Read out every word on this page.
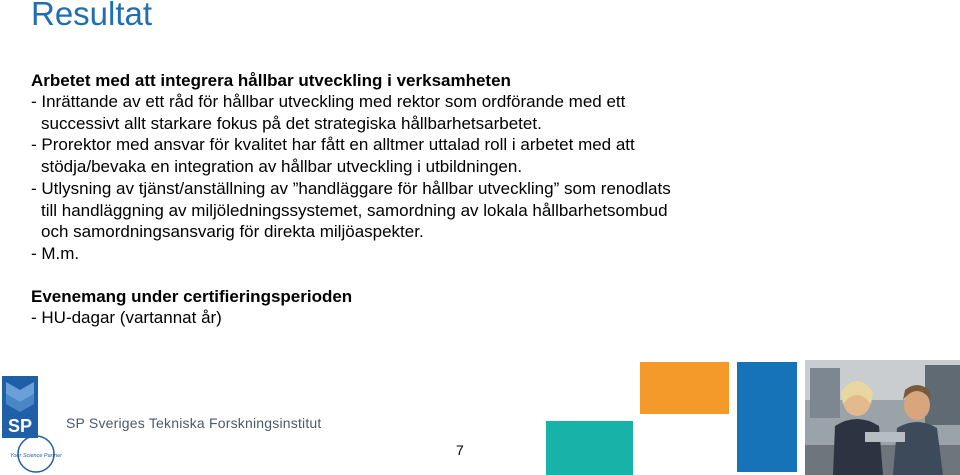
Resultat
Arbetet med att integrera hållbar utveckling i verksamheten
- Inrättande av ett råd för hållbar utveckling med rektor som ordförande med ett
successivt allt starkare fokus på det strategiska hållbarhetsarbetet.
- Prorektor med ansvar för kvalitet har fått en alltmer uttalad roll i arbetet med att
stödja/bevaka en integration av hållbar utveckling i utbildningen.
- Utlysning av tjänst/anställning av ”handläggare för hållbar utveckling” som renodlats
till handläggning av miljöledningssystemet, samordning av lokala hållbarhetsombud
och samordningsansvarig för direkta miljöaspekter.
- M.m.
Evenemang under certifieringsperioden
- HU-dagar (vartannat år)
SP
Your Science Partner
SP Sveriges Tekniska Forskningsinstitut
7
